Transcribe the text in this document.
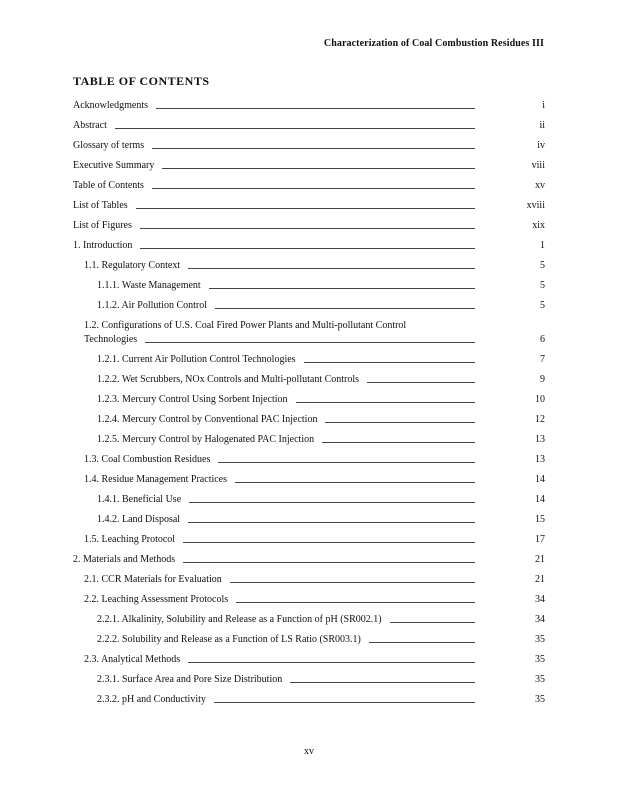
Characterization of Coal Combustion Residues III
TABLE OF CONTENTS
Acknowledgments	i
Abstract	ii
Glossary of terms	iv
Executive Summary	viii
Table of Contents	xv
List of Tables	xviii
List of Figures	xix
1. Introduction	1
1.1. Regulatory Context	5
1.1.1. Waste Management	5
1.1.2. Air Pollution Control	5
1.2. Configurations of U.S. Coal Fired Power Plants and Multi-pollutant Control
Technologies	6
1.2.1. Current Air Pollution Control Technologies	7
1.2.2. Wet Scrubbers, NOx Controls and Multi-pollutant Controls	9
1.2.3. Mercury Control Using Sorbent Injection	10
1.2.4. Mercury Control by Conventional PAC Injection	12
1.2.5. Mercury Control by Halogenated PAC Injection	13
1.3. Coal Combustion Residues	13
1.4. Residue Management Practices	14
1.4.1. Beneficial Use	14
1.4.2. Land Disposal	15
1.5. Leaching Protocol	17
2. Materials and Methods	21
2.1. CCR Materials for Evaluation	21
2.2. Leaching Assessment Protocols	34
2.2.1. Alkalinity, Solubility and Release as a Function of pH (SR002.1)	34
2.2.2. Solubility and Release as a Function of LS Ratio (SR003.1)	35
2.3. Analytical Methods	35
2.3.1. Surface Area and Pore Size Distribution	35
2.3.2. pH and Conductivity	35
xv
